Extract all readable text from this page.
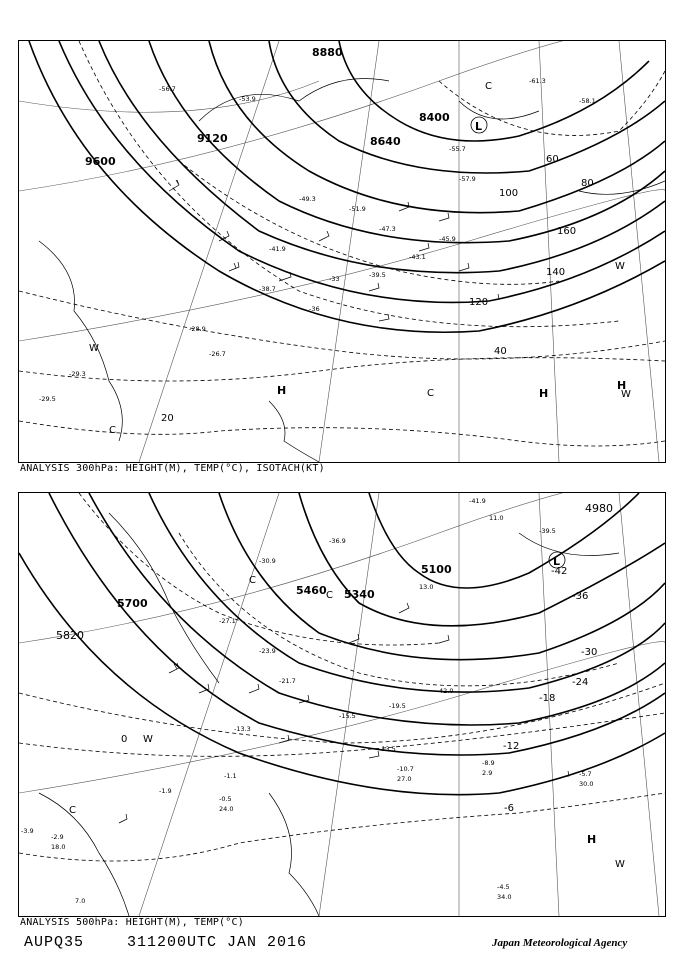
9600
9120
8880
8640
8400
40
60
80
100
120
140
160
20
H	H
H
L
C
C
C
W
W
W
-56.7
-53.9
-49.3
-45.9
-41.9
-38.7
-33
-29.3
-28.9
-26.7
-29.5
-51.9
-55.7
-61.3
-58.1
-57.9
-47.3
-43.1
-39.5
-36
ANALYSIS 300hPa: HEIGHT(M), TEMP(°C), ISOTACH(KT)
5700
5820
5460 5340
5100
4980
-42
-36
-30
-24
-18
-12
-6
0
H
L
C
C
C
W
W
-41.9
-39.5
-36.9
-30.9
-27.1
-23.9
-21.7
-19.5
-15.5
-13.5
-10.7
-8.9
-5.7
-4.5
-3.9
-1.9
-0.5
-2.9
-1.1
-13.3
2.9
27.0
30.0
34.0
24.0
18.0
7.0
13.0
42.0
11.0
ANALYSIS 500hPa: HEIGHT(M), TEMP(°C)
AUPQ35	311200UTC JAN 2016	Japan Meteorological Agency
